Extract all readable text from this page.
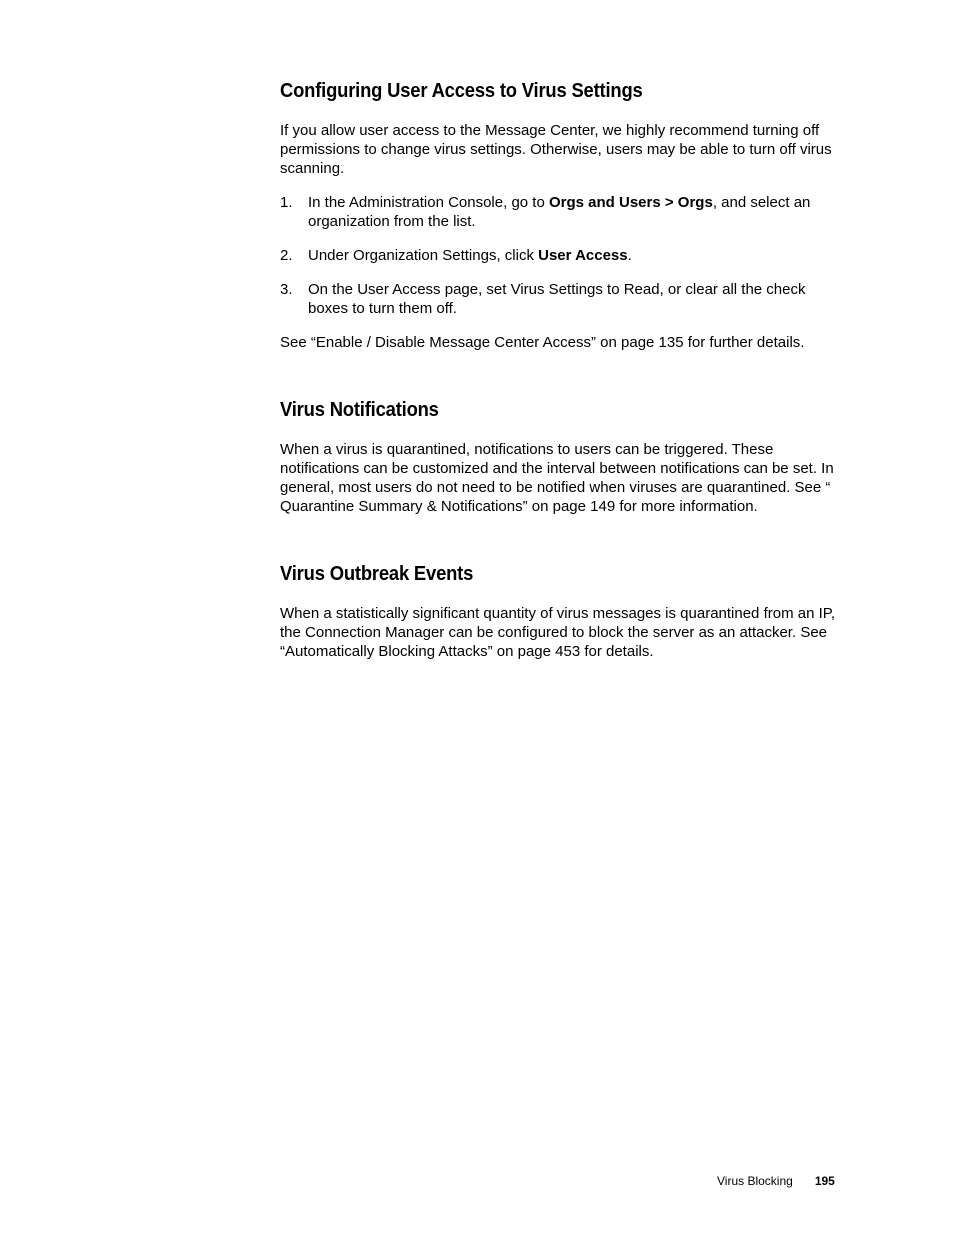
Configuring User Access to Virus Settings

If you allow user access to the Message Center, we highly recommend turning off permissions to change virus settings. Otherwise, users may be able to turn off virus scanning.

1. In the Administration Console, go to Orgs and Users > Orgs, and select an organization from the list.
2. Under Organization Settings, click User Access.
3. On the User Access page, set Virus Settings to Read, or clear all the check boxes to turn them off.

See “Enable / Disable Message Center Access” on page 135 for further details.

Virus Notifications

When a virus is quarantined, notifications to users can be triggered. These notifications can be customized and the interval between notifications can be set. In general, most users do not need to be notified when viruses are quarantined. See “ Quarantine Summary & Notifications” on page 149 for more information.

Virus Outbreak Events

When a statistically significant quantity of virus messages is quarantined from an IP, the Connection Manager can be configured to block the server as an attacker. See “Automatically Blocking Attacks” on page 453 for details.

Virus Blocking 195
